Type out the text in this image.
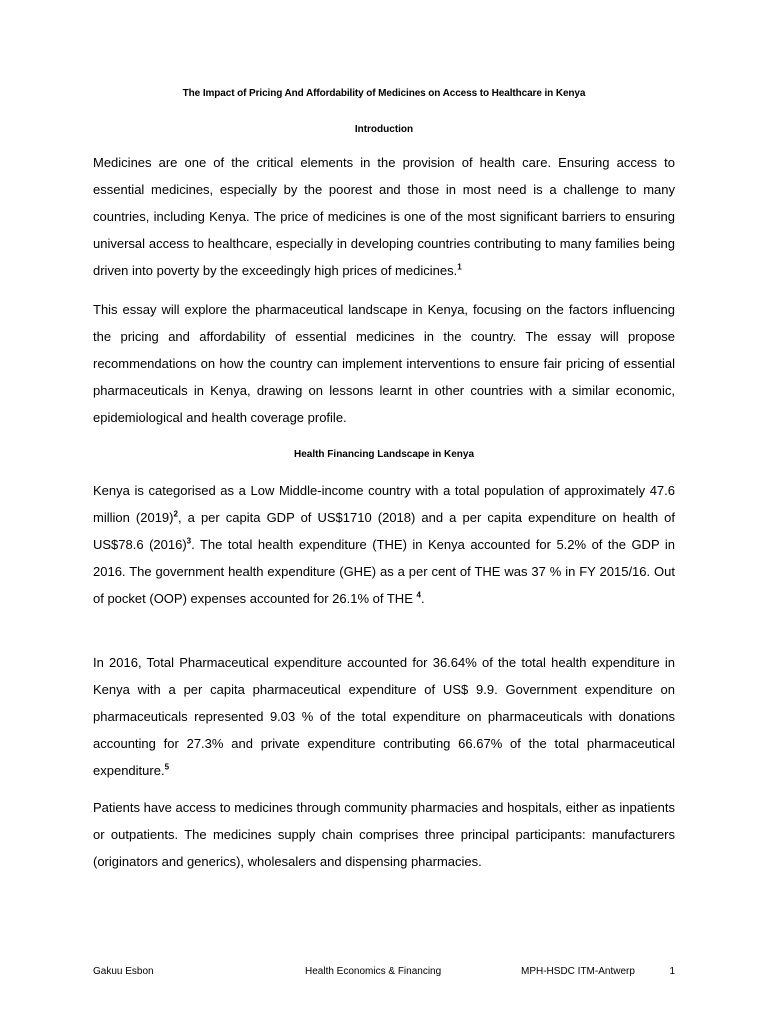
The Impact of Pricing And Affordability of Medicines on Access to Healthcare in Kenya
Introduction

Medicines are one of the critical elements in the provision of health care. Ensuring access to essential medicines, especially by the poorest and those in most need is a challenge to many countries, including Kenya. The price of medicines is one of the most significant barriers to ensuring universal access to healthcare, especially in developing countries contributing to many families being driven into poverty by the exceedingly high prices of medicines.$^1$

This essay will explore the pharmaceutical landscape in Kenya, focusing on the factors influencing the pricing and affordability of essential medicines in the country. The essay will propose recommendations on how the country can implement interventions to ensure fair pricing of essential pharmaceuticals in Kenya, drawing on lessons learnt in other countries with a similar economic, epidemiological and health coverage profile.

Health Financing Landscape in Kenya

Kenya is categorised as a Low Middle-income country with a total population of approximately 47.6 million $(2019)^2$, a per capita GDP of US$1710 (2018) and a per capita expenditure on health of US$78.6 $(2016)^3$. The total health expenditure (THE) in Kenya accounted for 5.2% of the GDP in 2016. The government health expenditure (GHE) as a per cent of THE was 37 % in FY 2015/16. Out of pocket (OOP) expenses accounted for 26.1% of THE $^4$.

In 2016, Total Pharmaceutical expenditure accounted for 36.64% of the total health expenditure in Kenya with a per capita pharmaceutical expenditure of US$ 9.9. Government expenditure on pharmaceuticals represented 9.03 % of the total expenditure on pharmaceuticals with donations accounting for 27.3% and private expenditure contributing 66.67% of the total pharmaceutical expenditure.$^5$

Patients have access to medicines through community pharmacies and hospitals, either as inpatients or outpatients. The medicines supply chain comprises three principal participants: manufacturers (originators and generics), wholesalers and dispensing pharmacies.

Gakuu Esbon	Health Economics & Financing	MPH-HSDC ITM-Antwerp	1
